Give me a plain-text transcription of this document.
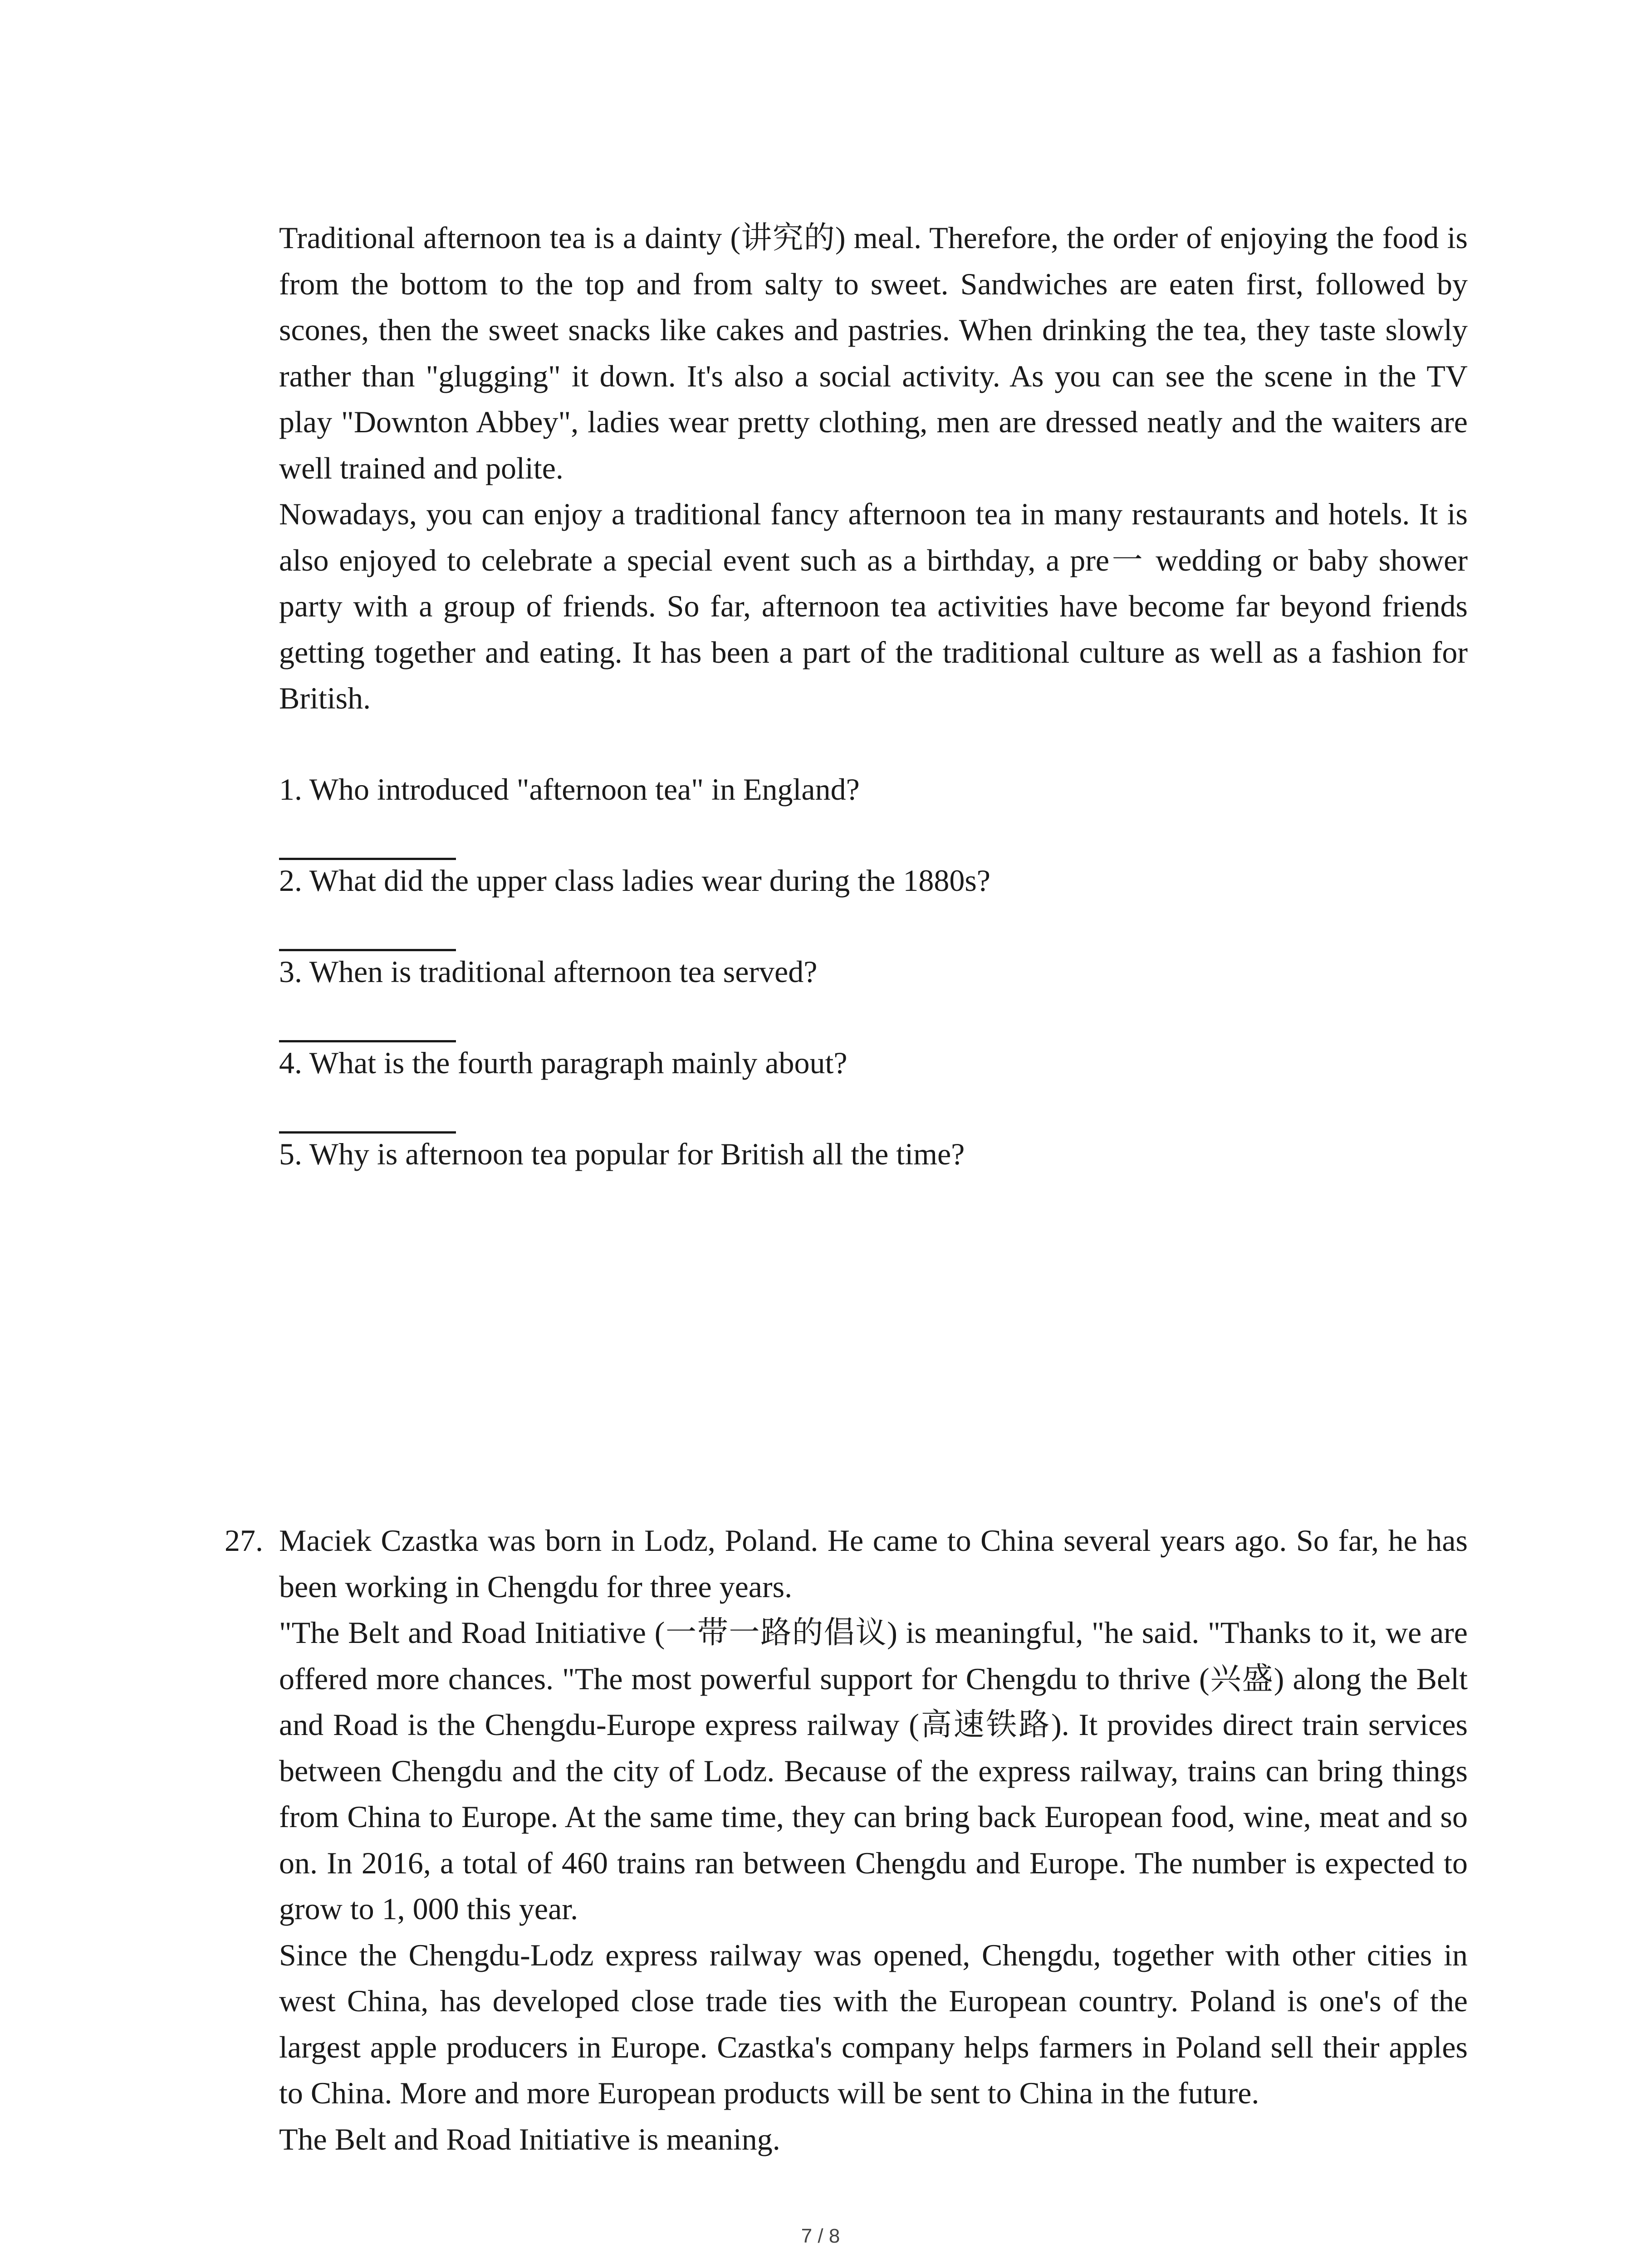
Traditional afternoon tea is a dainty (讲究的) meal. Therefore, the order of enjoying the food is from the bottom to the top and from salty to sweet. Sandwiches are eaten first, followed by scones, then the sweet snacks like cakes and pastries. When drinking the tea, they taste slowly rather than "glugging" it down. It's also a social activity. As you can see the scene in the TV play "Downton Abbey", ladies wear pretty clothing, men are dressed neatly and the waiters are well trained and polite.

Nowadays, you can enjoy a traditional fancy afternoon tea in many restaurants and hotels. It is also enjoyed to celebrate a special event such as a birthday, a pre一 wedding or baby shower party with a group of friends. So far, afternoon tea activities have become far beyond friends getting together and eating. It has been a part of the traditional culture as well as a fashion for British.

1. Who introduced "afternoon tea" in England?
2. What did the upper class ladies wear during the 1880s?
3. When is traditional afternoon tea served?
4. What is the fourth paragraph mainly about?
5. Why is afternoon tea popular for British all the time?
27. Maciek Czastka was born in Lodz, Poland. He came to China several years ago. So far, he has been working in Chengdu for three years.

"The Belt and Road Initiative (一带一路的倡议) is meaningful, "he said. "Thanks to it, we are offered more chances. "The most powerful support for Chengdu to thrive (兴盛) along the Belt and Road is the Chengdu-Europe express railway (高速铁路). It provides direct train services between Chengdu and the city of Lodz. Because of the express railway, trains can bring things from China to Europe. At the same time, they can bring back European food, wine, meat and so on. In 2016, a total of 460 trains ran between Chengdu and Europe. The number is expected to grow to 1, 000 this year.

Since the Chengdu-Lodz express railway was opened, Chengdu, together with other cities in west China, has developed close trade ties with the European country. Poland is one's of the largest apple producers in Europe. Czastka's company helps farmers in Poland sell their apples to China. More and more European products will be sent to China in the future.

The Belt and Road Initiative is meaning.

7 / 8
